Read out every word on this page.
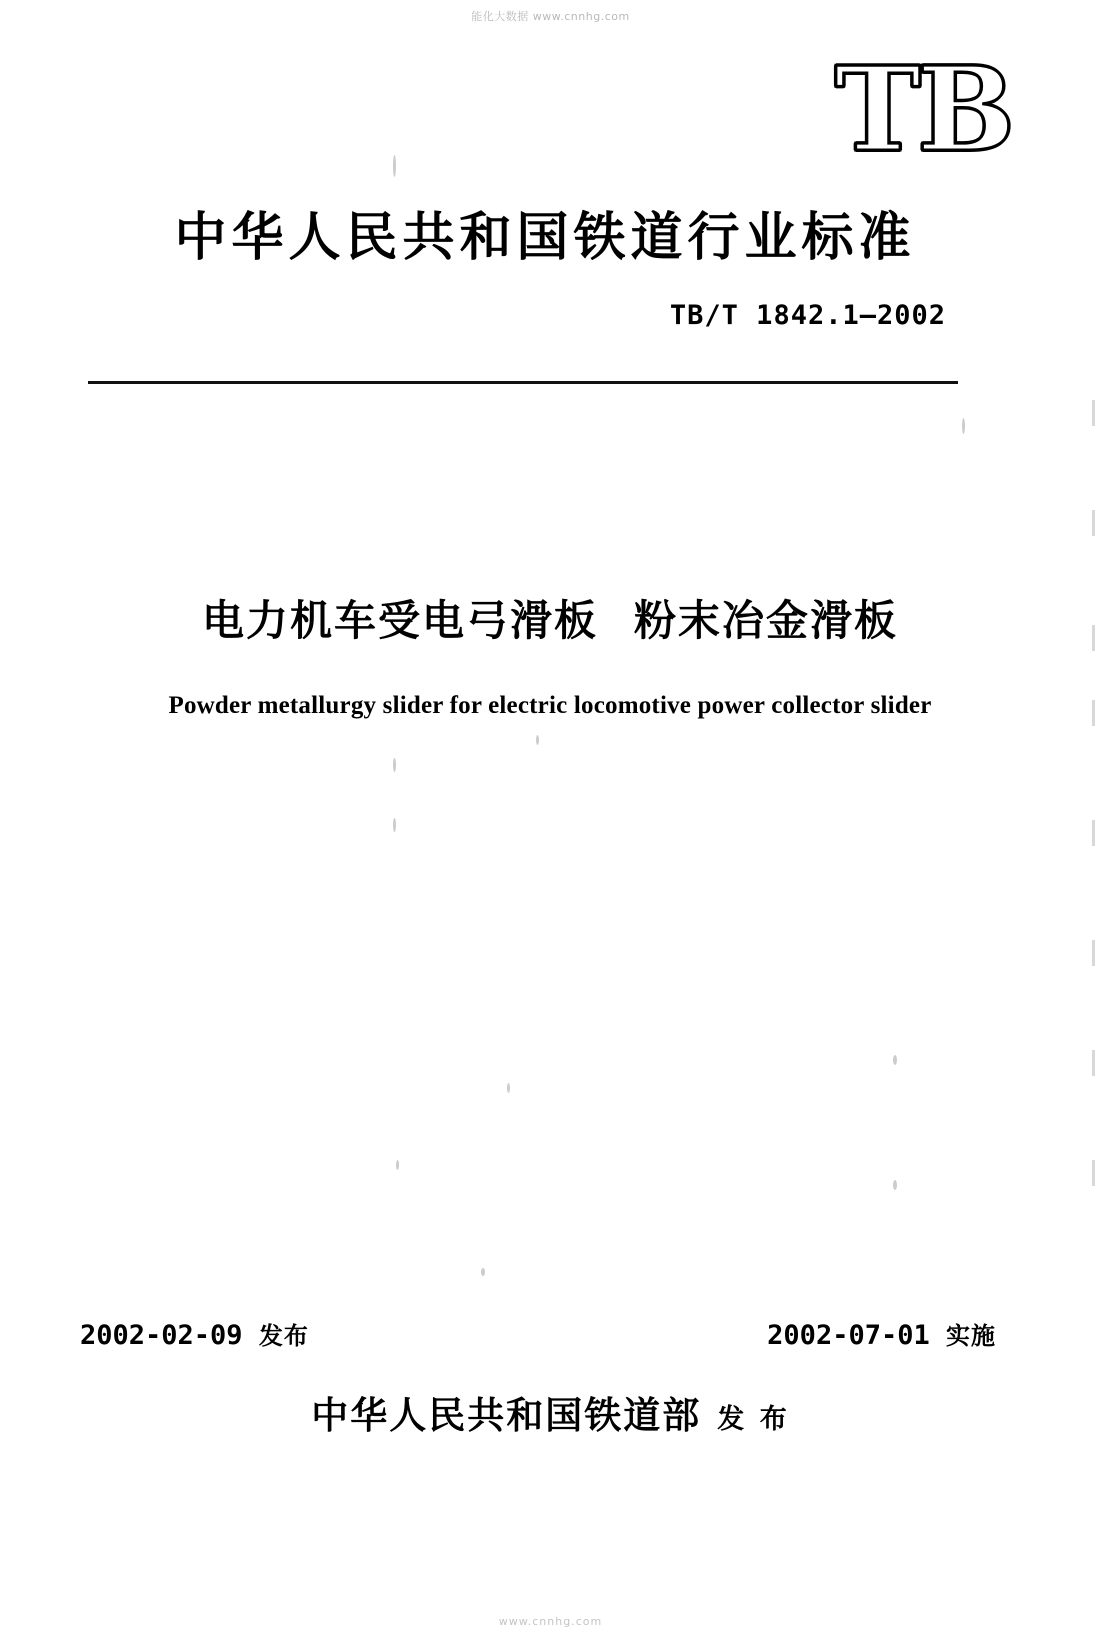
能化大数据 www.cnnhg.com
TB
中华人民共和国铁道行业标准
TB/T 1842.1—2002
电力机车受电弓滑板 粉末冶金滑板
Powder metallurgy slider for electric locomotive power collector slider
2002-02-09 发布	2002-07-01 实施
中华人民共和国铁道部 发 布
www.cnnhg.com
